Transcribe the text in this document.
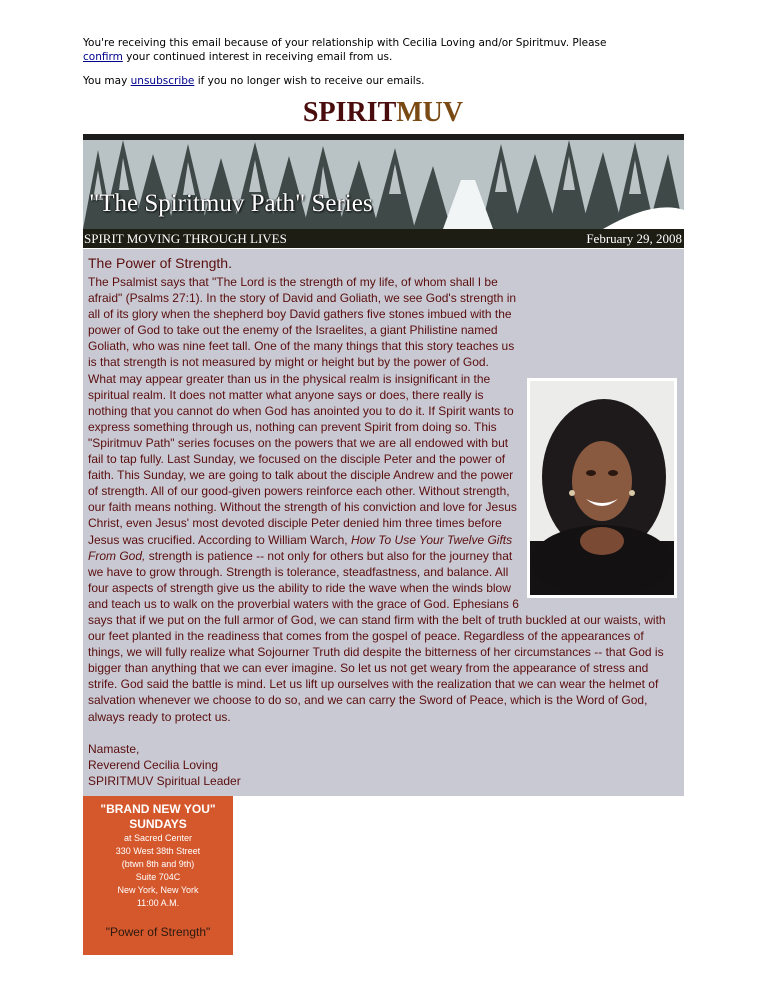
You're receiving this email because of your relationship with Cecilia Loving and/or Spiritmuv. Please
confirm your continued interest in receiving email from us.

You may unsubscribe if you no longer wish to receive our emails.

SPIRITMUV
"The Spiritmuv Path" Series
SPIRIT MOVING THROUGH LIVES	February 29, 2008
The Power of Strength.

The Psalmist says that "The Lord is the strength of my life, of whom shall I be afraid" (Psalms 27:1). In the story of David and Goliath, we see God's strength in all of its glory when the shepherd boy David gathers five stones imbued with the power of God to take out the enemy of the Israelites, a giant Philistine named Goliath, who was nine feet tall. One of the many things that this story teaches us is that strength is not measured by might or height but by the power of God. What may appear greater than us in the physical realm is insignificant in the spiritual realm. It does not matter what anyone says or does, there really is nothing that you cannot do when God has anointed you to do it. If Spirit wants to express something through us, nothing can prevent Spirit from doing so. This "Spiritmuv Path" series focuses on the powers that we are all endowed with but fail to tap fully. Last Sunday, we focused on the disciple Peter and the power of faith. This Sunday, we are going to talk about the disciple Andrew and the power of strength. All of our good-given powers reinforce each other. Without strength, our faith means nothing. Without the strength of his conviction and love for Jesus Christ, even Jesus' most devoted disciple Peter denied him three times before Jesus was crucified. According to William Warch, How To Use Your Twelve Gifts From God, strength is patience -- not only for others but also for the journey that we have to grow through. Strength is tolerance, steadfastness, and balance. All four aspects of strength give us the ability to ride the wave when the winds blow and teach us to walk on the proverbial waters with the grace of God. Ephesians 6 says that if we put on the full armor of God, we can stand firm with the belt of truth buckled at our waists, with our feet planted in the readiness that comes from the gospel of peace. Regardless of the appearances of things, we will fully realize what Sojourner Truth did despite the bitterness of her circumstances -- that God is bigger than anything that we can ever imagine. So let us not get weary from the appearance of stress and strife. God said the battle is mind. Let us lift up ourselves with the realization that we can wear the helmet of salvation whenever we choose to do so, and we can carry the Sword of Peace, which is the Word of God, always ready to protect us.

Namaste,
Reverend Cecilia Loving
SPIRITMUV Spiritual Leader
"BRAND NEW YOU"
SUNDAYS
at Sacred Center
330 West 38th Street
(btwn 8th and 9th)
Suite 704C
New York, New York
11:00 A.M.
"Power of Strength"
